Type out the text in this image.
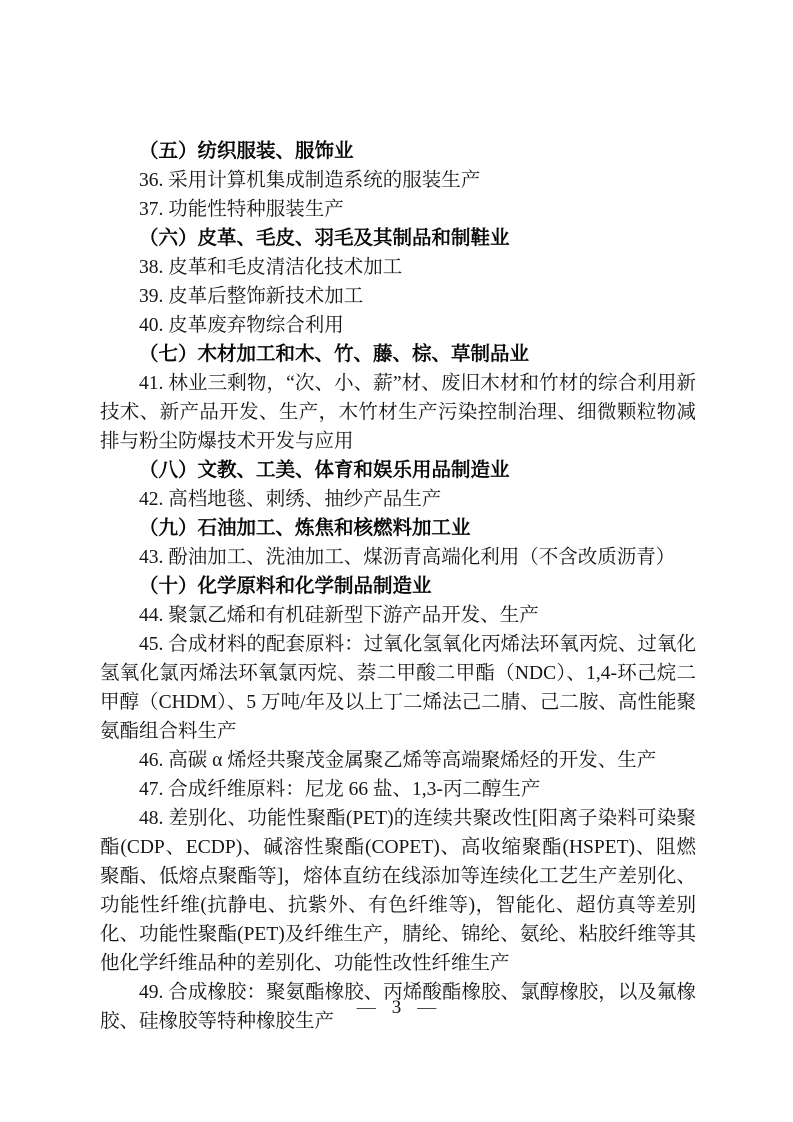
（五）纺织服装、服饰业

36. 采用计算机集成制造系统的服装生产

37. 功能性特种服装生产

（六）皮革、毛皮、羽毛及其制品和制鞋业

38. 皮革和毛皮清洁化技术加工

39. 皮革后整饰新技术加工

40. 皮革废弃物综合利用

（七）木材加工和木、竹、藤、棕、草制品业

41. 林业三剩物，“次、小、薪”材、废旧木材和竹材的综合利用新技术、新产品开发、生产，木竹材生产污染控制治理、细微颗粒物减排与粉尘防爆技术开发与应用

（八）文教、工美、体育和娱乐用品制造业

42. 高档地毯、刺绣、抽纱产品生产

（九）石油加工、炼焦和核燃料加工业

43. 酚油加工、洗油加工、煤沥青高端化利用（不含改质沥青）

（十）化学原料和化学制品制造业

44. 聚氯乙烯和有机硅新型下游产品开发、生产

45. 合成材料的配套原料：过氧化氢氧化丙烯法环氧丙烷、过氧化氢氧化氯丙烯法环氧氯丙烷、萘二甲酸二甲酯（NDC）、1,4-环己烷二甲醇（CHDM）、5 万吨/年及以上丁二烯法己二腈、己二胺、高性能聚氨酯组合料生产

46. 高碳 α 烯烃共聚茂金属聚乙烯等高端聚烯烃的开发、生产

47. 合成纤维原料：尼龙 66 盐、1,3-丙二醇生产

48. 差别化、功能性聚酯(PET)的连续共聚改性[阳离子染料可染聚酯(CDP、ECDP)、碱溶性聚酯(COPET)、高收缩聚酯(HSPET)、阻燃聚酯、低熔点聚酯等]，熔体直纺在线添加等连续化工艺生产差别化、功能性纤维(抗静电、抗紫外、有色纤维等)，智能化、超仿真等差别化、功能性聚酯(PET)及纤维生产，腈纶、锦纶、氨纶、粘胶纤维等其他化学纤维品种的差别化、功能性改性纤维生产

49. 合成橡胶：聚氨酯橡胶、丙烯酸酯橡胶、氯醇橡胶，以及氟橡胶、硅橡胶等特种橡胶生产

— 3 —
